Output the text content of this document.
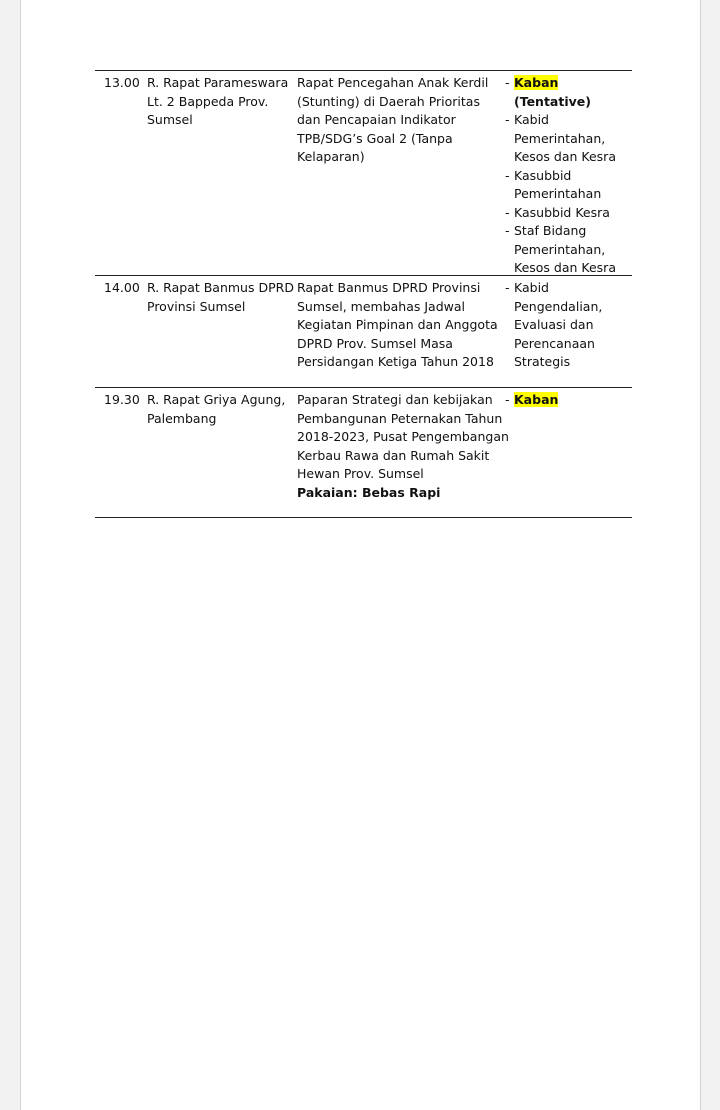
13.00 R. Rapat Parameswara
Lt. 2 Bappeda Prov.
Sumsel
Rapat Pencegahan Anak Kerdil
(Stunting) di Daerah Prioritas
dan Pencapaian Indikator
TPB/SDG’s Goal 2 (Tanpa
Kelaparan)
- Kaban (Tentative)
- Kabid
Pemerintahan,
Kesos dan Kesra
- Kasubbid
Pemerintahan
- Kasubbid Kesra
- Staf Bidang
Pemerintahan,
Kesos dan Kesra
14.00 R. Rapat Banmus DPRD
Provinsi Sumsel
Rapat Banmus DPRD Provinsi
Sumsel, membahas Jadwal
Kegiatan Pimpinan dan Anggota
DPRD Prov. Sumsel Masa
Persidangan Ketiga Tahun 2018
- Kabid
Pengendalian,
Evaluasi dan
Perencanaan
Strategis
19.30 R. Rapat Griya Agung,
Palembang
Paparan Strategi dan kebijakan
Pembangunan Peternakan Tahun
2018-2023, Pusat Pengembangan
Kerbau Rawa dan Rumah Sakit
Hewan Prov. Sumsel
Pakaian: Bebas Rapi
- Kaban
